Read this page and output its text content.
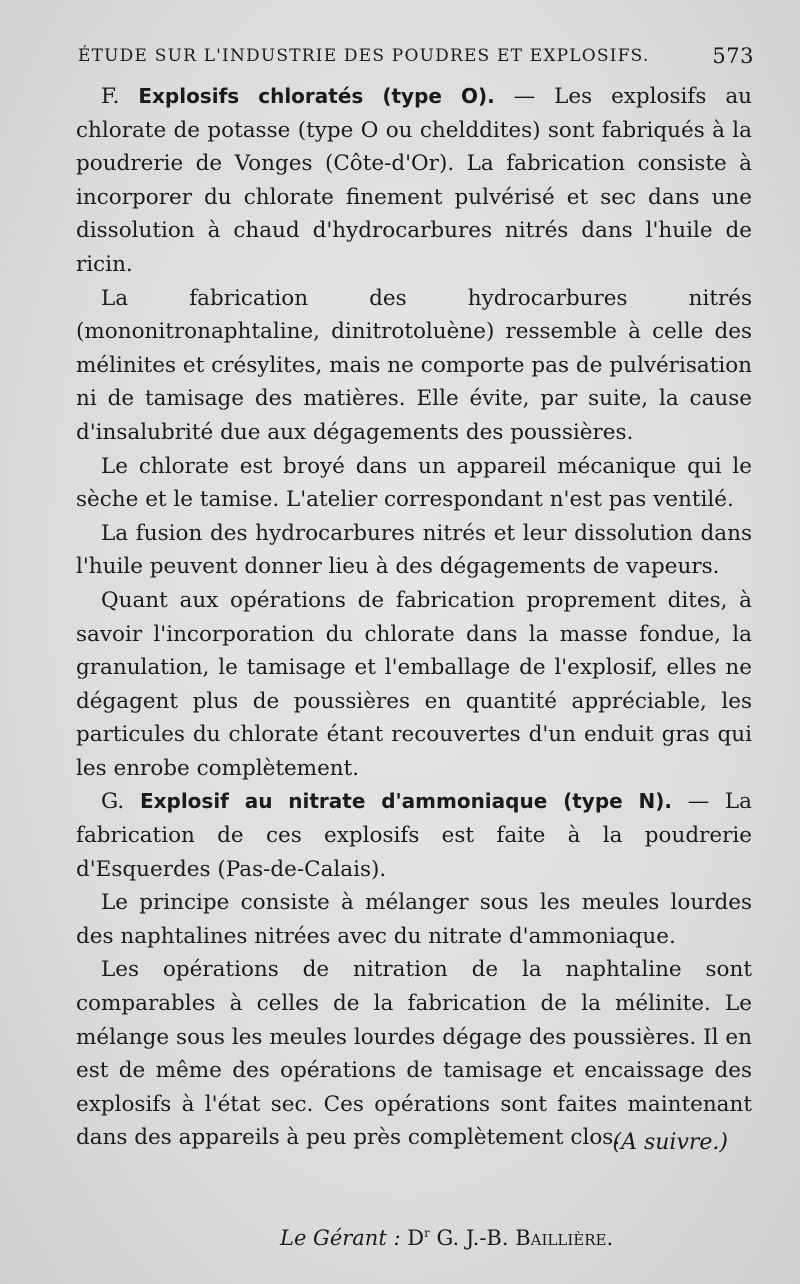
ÉTUDE SUR L'INDUSTRIE DES POUDRES ET EXPLOSIFS.	573

F. Explosifs chloratés (type O). — Les explosifs au chlorate de potasse (type O ou chelddites) sont fabriqués à la poudrerie de Vonges (Côte-d'Or). La fabrication consiste à incorporer du chlorate finement pulvérisé et sec dans une dissolution à chaud d'hydrocarbures nitrés dans l'huile de ricin.

La fabrication des hydrocarbures nitrés (mononitronaphtaline, dinitrotoluène) ressemble à celle des mélinites et crésylites, mais ne comporte pas de pulvérisation ni de tamisage des matières. Elle évite, par suite, la cause d'insalubrité due aux dégagements des poussières.

Le chlorate est broyé dans un appareil mécanique qui le sèche et le tamise. L'atelier correspondant n'est pas ventilé.

La fusion des hydrocarbures nitrés et leur dissolution dans l'huile peuvent donner lieu à des dégagements de vapeurs.

Quant aux opérations de fabrication proprement dites, à savoir l'incorporation du chlorate dans la masse fondue, la granulation, le tamisage et l'emballage de l'explosif, elles ne dégagent plus de poussières en quantité appréciable, les particules du chlorate étant recouvertes d'un enduit gras qui les enrobe complètement.

G. Explosif au nitrate d'ammoniaque (type N). — La fabrication de ces explosifs est faite à la poudrerie d'Esquerdes (Pas-de-Calais).

Le principe consiste à mélanger sous les meules lourdes des naphtalines nitrées avec du nitrate d'ammoniaque.

Les opérations de nitration de la naphtaline sont comparables à celles de la fabrication de la mélinite. Le mélange sous les meules lourdes dégage des poussières. Il en est de même des opérations de tamisage et encaissage des explosifs à l'état sec. Ces opérations sont faites maintenant dans des appareils à peu près complètement clos.

(A suivre.)
Le Gérant : $D^r$ G. J.-B. Baillière.
